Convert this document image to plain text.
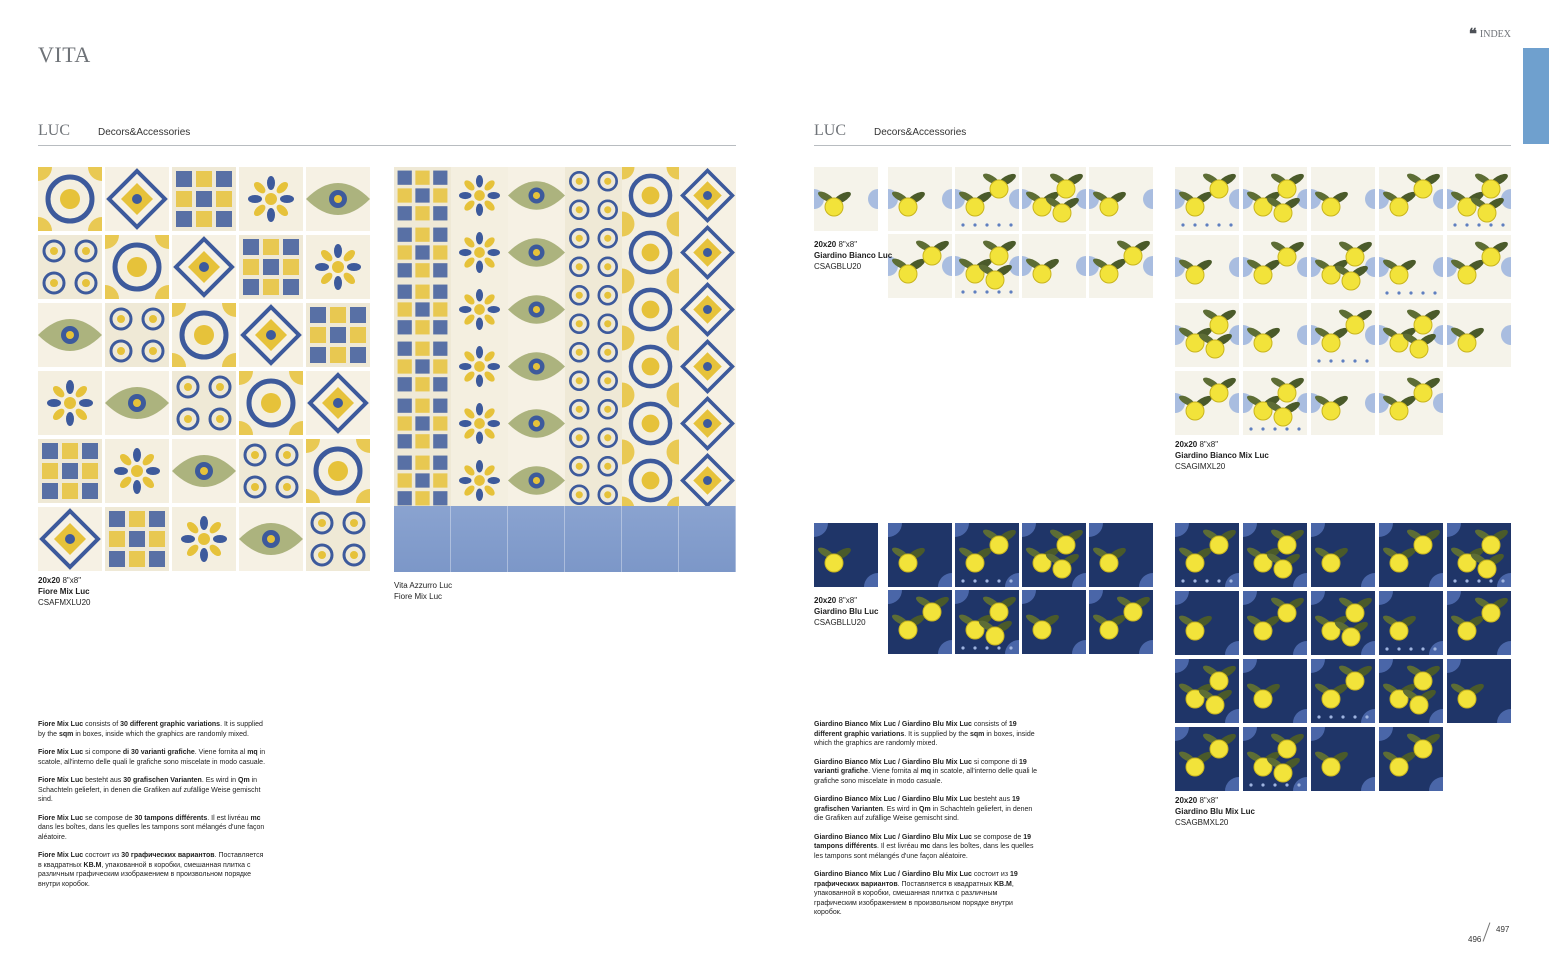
VITA
❝ INDEX
LUC	Decors&Accessories	LUC	Decors&Accessories
20x20 8"x8"
Fiore Mix Luc
CSAFMXLU20
Vita Azzurro Luc
Fiore Mix Luc

Fiore Mix Luc consists of 30 different graphic variations. It is supplied by the sqm in boxes, inside which the graphics are randomly mixed.

Fiore Mix Luc si compone di 30 varianti grafiche. Viene fornita al mq in scatole, all'interno delle quali le grafiche sono miscelate in modo casuale.

Fiore Mix Luc besteht aus 30 grafischen Varianten. Es wird in Qm in Schachteln geliefert, in denen die Grafiken auf zufällige Weise gemischt sind.

Fiore Mix Luc se compose de 30 tampons différents. Il est livréau mc dans les boîtes, dans les quelles les tampons sont mélangés d'une façon aléatoire.

Fiore Mix Luc состоит из 30 графических вариантов. Поставляется в квадратных KB.M, упакованной в коробки, смешанная плитка с различным графическим изображением в произвольном порядке внутри коробок.

20x20 8"x8"
Giardino Bianco Luc
CSAGBLU20
20x20 8"x8"
Giardino Bianco Mix Luc
CSAGIMXL20
20x20 8"x8"
Giardino Blu Luc
CSAGBLLU20
20x20 8"x8"
Giardino Blu Mix Luc
CSAGBMXL20

Giardino Bianco Mix Luc / Giardino Blu Mix Luc consists of 19 different graphic variations. It is supplied by the sqm in boxes, inside which the graphics are randomly mixed.

Giardino Bianco Mix Luc / Giardino Blu Mix Luc si compone di 19 varianti grafiche. Viene fornita al mq in scatole, all'interno delle quali le grafiche sono miscelate in modo casuale.

Giardino Bianco Mix Luc / Giardino Blu Mix Luc besteht aus 19 grafischen Varianten. Es wird in Qm in Schachteln geliefert, in denen die Grafiken auf zufällige Weise gemischt sind.

Giardino Bianco Mix Luc / Giardino Blu Mix Luc se compose de 19 tampons différents. Il est livréau mc dans les boîtes, dans les quelles les tampons sont mélangés d'une façon aléatoire.

Giardino Bianco Mix Luc / Giardino Blu Mix Luc состоит из 19 графических вариантов. Поставляется в квадратных KB.M, упакованной в коробки, смешанная плитка с различным графическим изображением в произвольном порядке внутри коробок.

496
497
